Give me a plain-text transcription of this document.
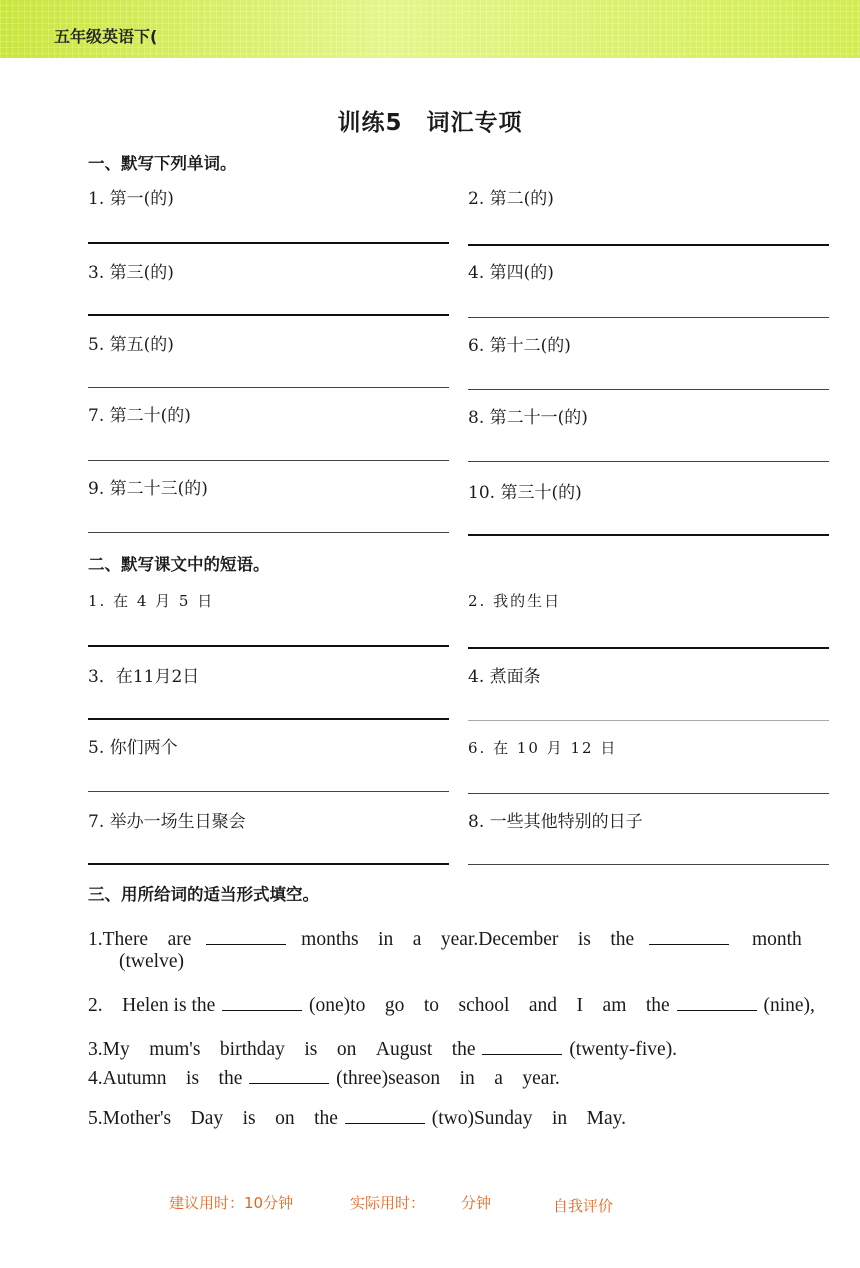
五年级英语下(
训练5　词汇专项
一、默写下列单词。
1. 第一(的)	2. 第二(的)
3. 第三(的)	4. 第四(的)
5. 第五(的)	6. 第十二(的)
7. 第二十(的)	8. 第二十一(的)
9. 第二十三(的)	10. 第三十(的)
二、默写课文中的短语。
1. 在 4 月 5 日	2. 我的生日
3．在11月2日	4. 煮面条
5. 你们两个	6. 在 10 月 12 日
7. 举办一场生日聚会	8. 一些其他特别的日子
三、用所给词的适当形式填空。
1.There　are	months　in　a　year.December　is　the	month
(twelve)
2.　Helen is the	(one)to　go　to　school　and　I　am　the	(nine),
3.My　mum's　birthday　is　on　August　the	(twenty-five).
4.Autumn　is　the	(three)season　in　a　year.
5.Mother's　Day　is　on　the	(two)Sunday　in　May.
建议用时：10分钟	实际用时： 分钟	自我评价
